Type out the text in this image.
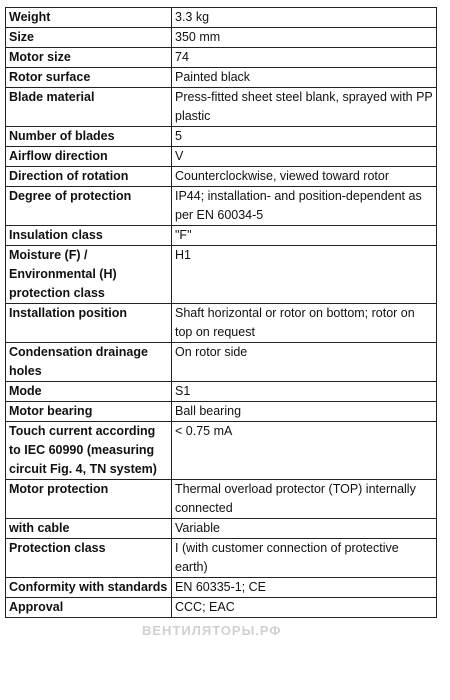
Weight	3.3 kg
Size	350 mm
Motor size	74
Rotor surface	Painted black
Blade material	Press-fitted sheet steel blank, sprayed with PP plastic
Number of blades	5
Airflow direction	V
Direction of rotation	Counterclockwise, viewed toward rotor
Degree of protection	IP44; installation- and position-dependent as per EN 60034-5
Insulation class	"F"
Moisture (F) / Environmental (H) protection class	H1
Installation position	Shaft horizontal or rotor on bottom; rotor on top on request
Condensation drainage holes	On rotor side
Mode	S1
Motor bearing	Ball bearing
Touch current according to IEC 60990 (measuring circuit Fig. 4, TN system)	< 0.75 mA
Motor protection	Thermal overload protector (TOP) internally connected
with cable	Variable
Protection class	I (with customer connection of protective earth)
Conformity with standards	EN 60335-1; CE
Approval	CCC; EAC
ВЕНТИЛЯТОРЫ.РФ
